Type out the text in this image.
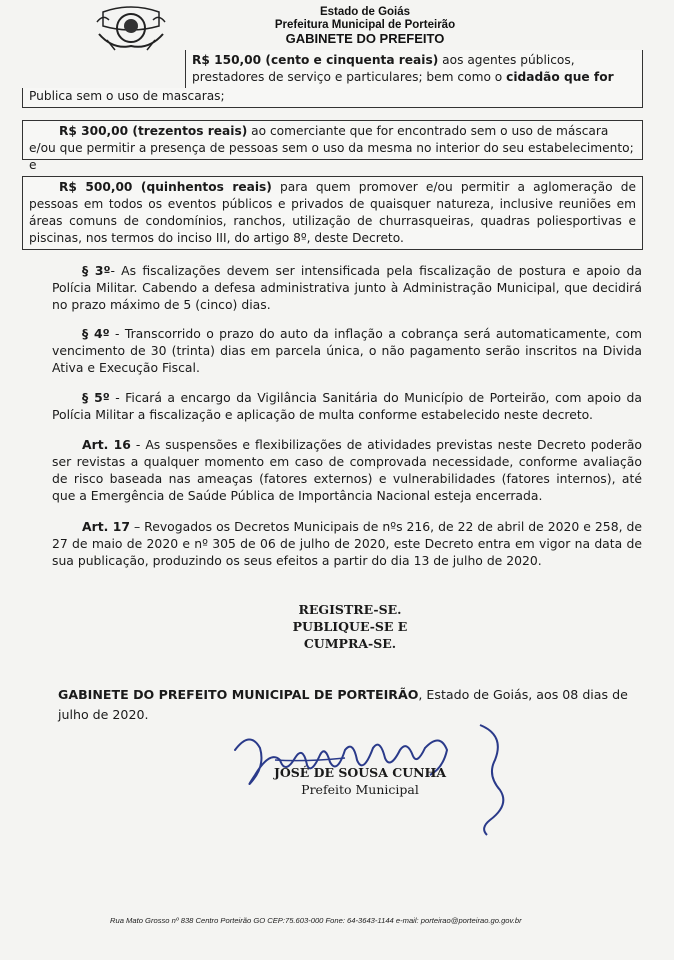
Estado de Goiás
Prefeitura Municipal de Porteirão
GABINETE DO PREFEITO
R$ 150,00 (cento e cinquenta reais) aos agentes públicos, prestadores de serviço e particulares; bem como o cidadão que for
Publica sem o uso de mascaras;
R$ 300,00 (trezentos reais) ao comerciante que for encontrado sem o uso de máscara e/ou que permitir a presença de pessoas sem o uso da mesma no interior do seu estabelecimento; e
R$ 500,00 (quinhentos reais) para quem promover e/ou permitir a aglomeração de pessoas em todos os eventos públicos e privados de quaisquer natureza, inclusive reuniões em áreas comuns de condomínios, ranchos, utilização de churrasqueiras, quadras poliesportivas e piscinas, nos termos do inciso III, do artigo 8º, deste Decreto.
§ 3º- As fiscalizações devem ser intensificada pela fiscalização de postura e apoio da Polícia Militar. Cabendo a defesa administrativa junto à Administração Municipal, que decidirá no prazo máximo de 5 (cinco) dias.
§ 4º - Transcorrido o prazo do auto da inflação a cobrança será automaticamente, com vencimento de 30 (trinta) dias em parcela única, o não pagamento serão inscritos na Divida Ativa e Execução Fiscal.
§ 5º - Ficará a encargo da Vigilância Sanitária do Município de Porteirão, com apoio da Polícia Militar a fiscalização e aplicação de multa conforme estabelecido neste decreto.
Art. 16 - As suspensões e flexibilizações de atividades previstas neste Decreto poderão ser revistas a qualquer momento em caso de comprovada necessidade, conforme avaliação de risco baseada nas ameaças (fatores externos) e vulnerabilidades (fatores internos), até que a Emergência de Saúde Pública de Importância Nacional esteja encerrada.
Art. 17 – Revogados os Decretos Municipais de nºs 216, de 22 de abril de 2020 e 258, de 27 de maio de 2020 e nº 305 de 06 de julho de 2020, este Decreto entra em vigor na data de sua publicação, produzindo os seus efeitos a partir do dia 13 de julho de 2020.
REGISTRE-SE.
PUBLIQUE-SE E
CUMPRA-SE.
GABINETE DO PREFEITO MUNICIPAL DE PORTEIRÃO, Estado de Goiás, aos 08 dias de julho de 2020.
JOSÉ DE SOUSA CUNHA
Prefeito Municipal
Rua Mato Grosso nº 838 Centro Porteirão GO CEP:75.603-000 Fone: 64-3643-1144 e-mail: porteirao@porteirao.go.gov.br
